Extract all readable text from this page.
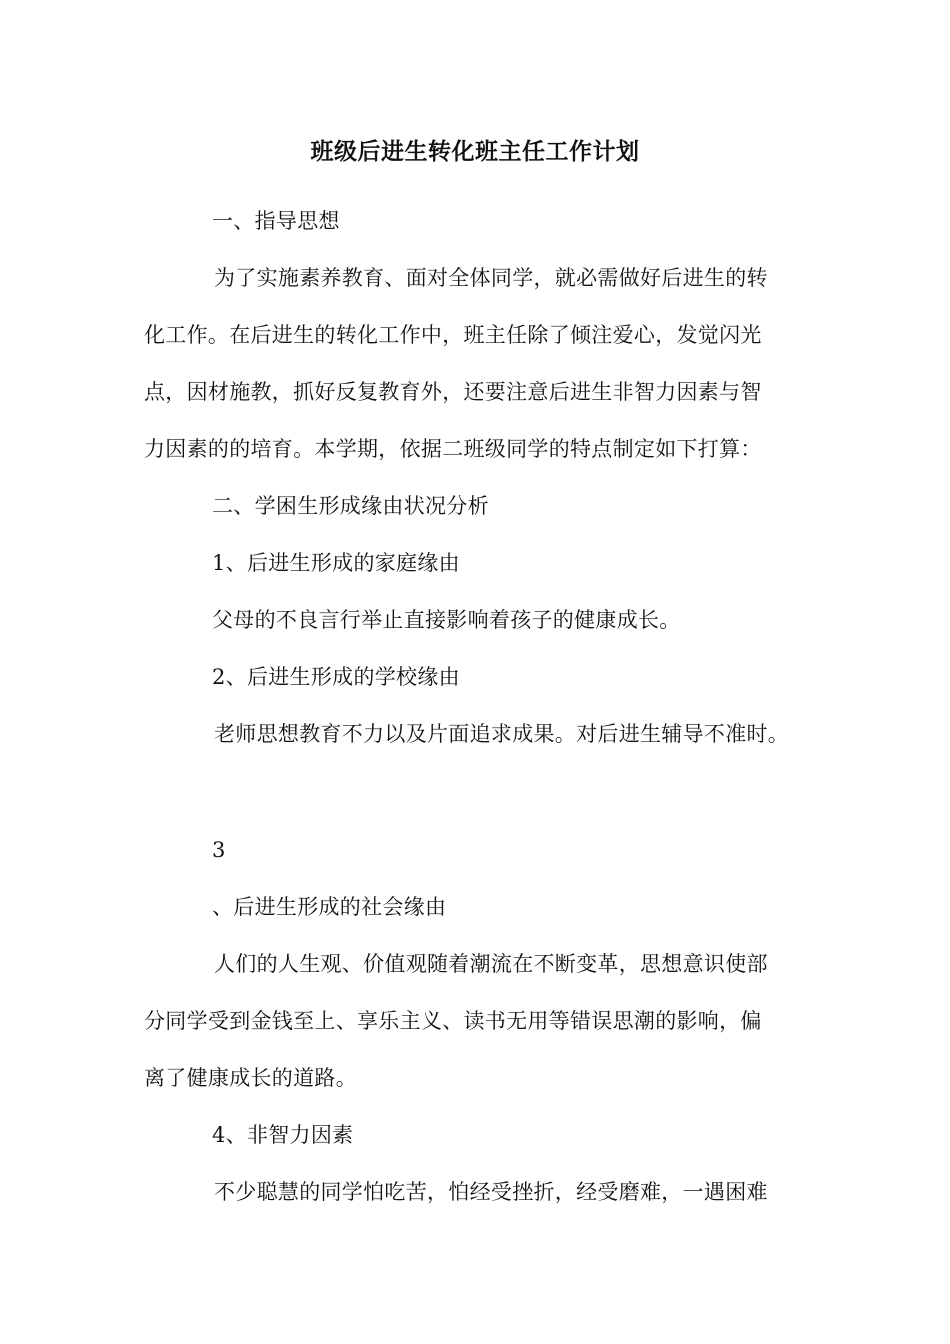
班级后进生转化班主任工作计划
一、指导思想
为了实施素养教育、面对全体同学，就必需做好后进生的转
化工作。在后进生的转化工作中，班主任除了倾注爱心，发觉闪光
点，因材施教，抓好反复教育外，还要注意后进生非智力因素与智
力因素的的培育。本学期，依据二班级同学的特点制定如下打算：
二、学困生形成缘由状况分析
1、后进生形成的家庭缘由
父母的不良言行举止直接影响着孩子的健康成长。
2、后进生形成的学校缘由
老师思想教育不力以及片面追求成果。对后进生辅导不准时。
3
、后进生形成的社会缘由
人们的人生观、价值观随着潮流在不断变革，思想意识使部
分同学受到金钱至上、享乐主义、读书无用等错误思潮的影响，偏
离了健康成长的道路。
4、非智力因素
不少聪慧的同学怕吃苦，怕经受挫折，经受磨难，一遇困难
